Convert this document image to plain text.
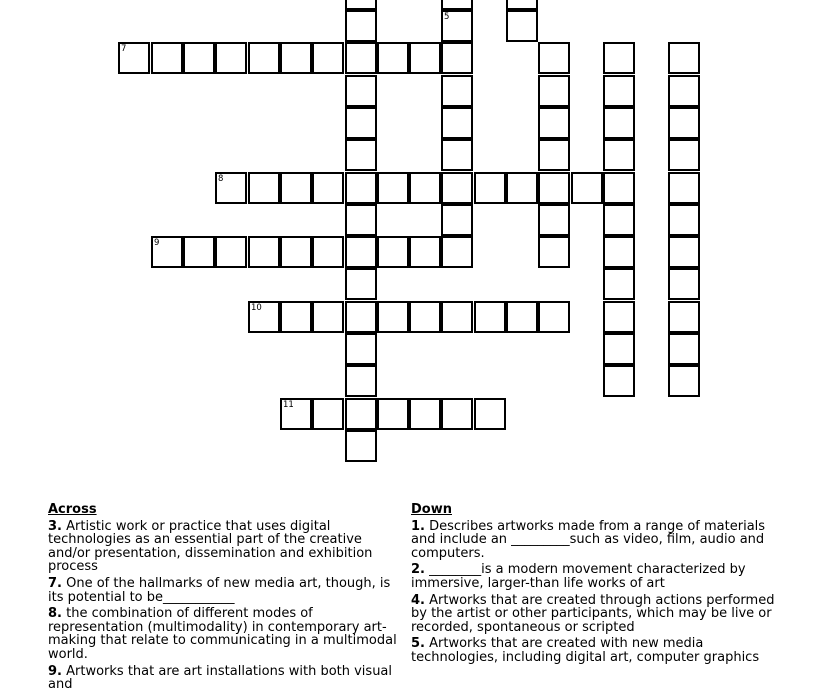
5
7
8
9
10
11
Across
3. Artistic work or practice that uses digital technologies as an essential part of the creative and/or presentation, dissemination and exhibition process
7. One of the hallmarks of new media art, though, is its potential to be___________
8. the combination of different modes of representation (multimodality) in contemporary art-making that relate to communicating in a multimodal world.
9. Artworks that are art installations with both visual and
Down
1. Describes artworks made from a range of materials and include an _________such as video, film, audio and computers.
2. ________is a modern movement characterized by immersive, larger-than life works of art
4. Artworks that are created through actions performed by the artist or other participants, which may be live or recorded, spontaneous or scripted
5. Artworks that are created with new media technologies, including digital art, computer graphics
